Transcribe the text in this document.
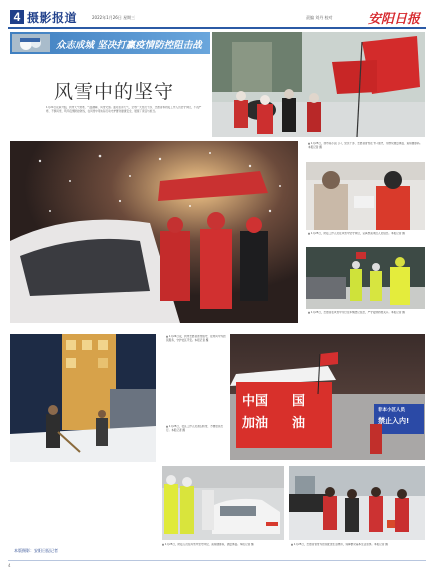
4 摄影报道	2022年1月26日 星期三	责编 刘丹 校对	安阳日报
众志成城 坚决打赢疫情防控阻击战
风雪中的坚守
1月24日夜间开始，我市天气转寒，气温骤降，风雪交加。面对恶劣天气，全市广大党员干部、志愿者和防疫工作人员坚守岗位，不畏严寒、不惧风雪，筑牢疫情防控防线，在风雪中用实际行动守护群众健康安全，展现了责任与担当。
▲ 1月25日，我市某小区门口，党员干部、志愿者冒雪在卡口值守，为群众测量体温、查验健康码。本报记者 摄
▲ 1月25日，防疫工作人员在风雪中坚守岗位，认真核查来往人员信息。本报记者 摄
▲ 1月25日，志愿者在风雪中为过往车辆登记信息，严守疫情防控关口。本报记者 摄
▲ 1月24日夜，我市志愿者冒雪值守，在寒风中为居民服务，守护社区平安。本报记者 摄
▲ 1月25日，社区工作人员清扫积雪，方便居民出行。本报记者 摄
中国
加油
国
油
非本小区人员
禁止入内!
▲ 1月25日，防疫人员在风雪中坚守岗位，查验健康码，测量体温。本报记者 摄	▲ 1月25日，志愿者冒雪为居民配送生活物资，保障群众基本生活需求。本报记者 摄
本版摄影：安阳日报记者
4
